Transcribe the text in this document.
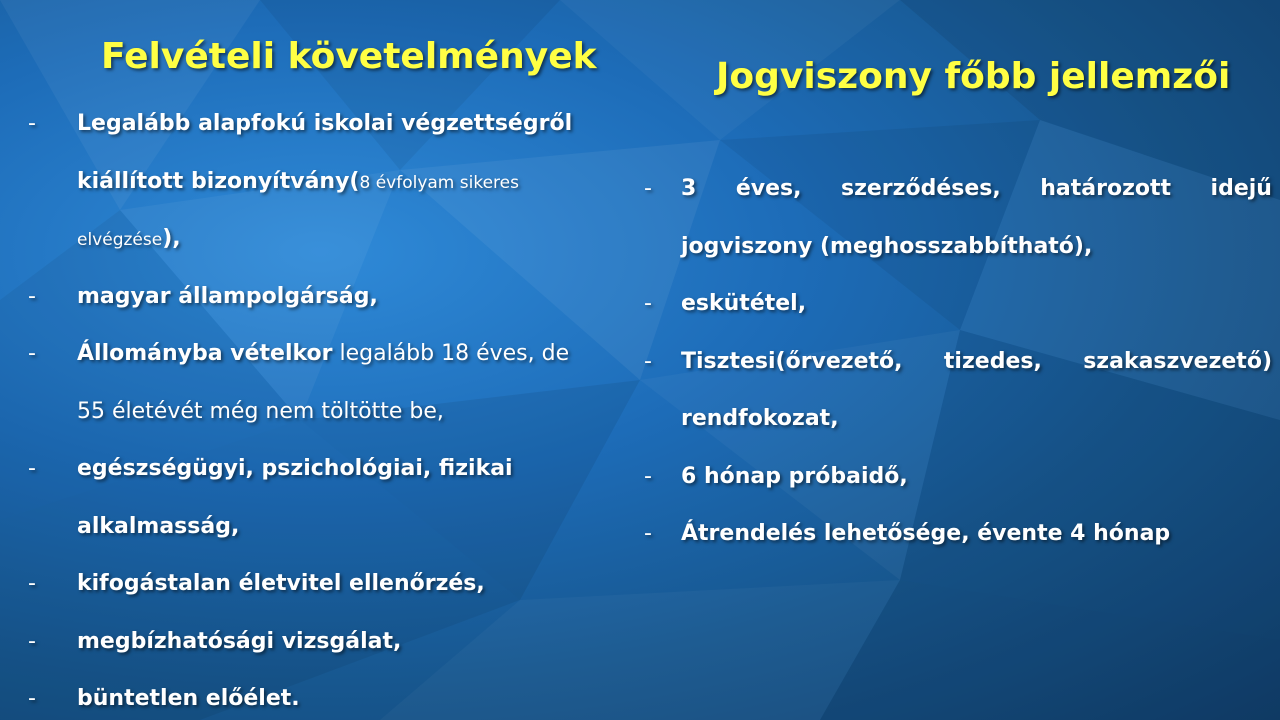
Felvételi követelmények	Jogviszony főbb jellemzői
- Legalább alapfokú iskolai végzettségről
kiállított bizonyítvány(8 évfolyam sikeres
elvégzése),
- magyar állampolgárság,
- Állományba vételkor legalább 18 éves, de
55 életévét még nem töltötte be,
- egészségügyi, pszichológiai, fizikai
alkalmasság,
- kifogástalan életvitel ellenőrzés,
- megbízhatósági vizsgálat,
- büntetlen előélet.
- 3 éves, szerződéses, határozott idejű
jogviszony (meghosszabbítható),
- eskütétel,
- Tisztesi(őrvezető, tizedes, szakaszvezető)
rendfokozat,
- 6 hónap próbaidő,
- Átrendelés lehetősége, évente 4 hónap
